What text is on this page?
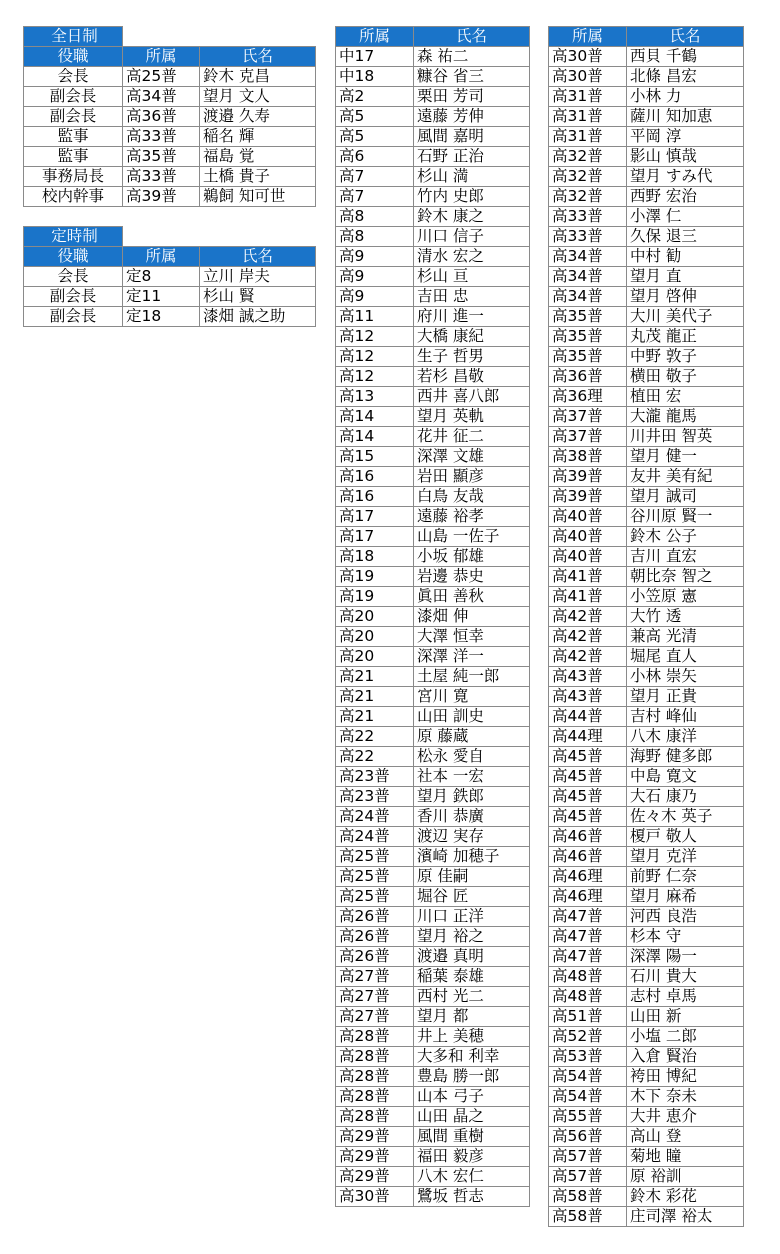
全日制		
役職	所属	氏名
会長	高25普	鈴木 克昌
副会長	高34普	望月 文人
副会長	高36普	渡邉 久寿
監事	高33普	稲名 輝
監事	高35普	福島 覚
事務局長	高33普	土橋 貴子
校内幹事	高39普	鵜飼 知可世
定時制		
役職	所属	氏名
会長	定8	立川 岸夫
副会長	定11	杉山 賢
副会長	定18	漆畑 誠之助
所属	氏名
中17	森 祐二
中18	糠谷 省三
高2	栗田 芳司
高5	遠藤 芳伸
高5	風間 嘉明
高6	石野 正治
高7	杉山 満
高7	竹内 史郎
高8	鈴木 康之
高8	川口 信子
高9	清水 宏之
高9	杉山 亘
高9	吉田 忠
高11	府川 進一
高12	大橋 康紀
高12	生子 哲男
高12	若杉 昌敬
高13	西井 喜八郎
高14	望月 英軌
高14	花井 征二
高15	深澤 文雄
高16	岩田 顯彦
高16	白鳥 友哉
高17	遠藤 裕孝
高17	山島 一佐子
高18	小坂 郁雄
高19	岩邊 恭史
高19	眞田 善秋
高20	漆畑 伸
高20	大澤 恒幸
高20	深澤 洋一
高21	土屋 純一郎
高21	宮川 寛
高21	山田 訓史
高22	原 藤蔵
高22	松永 愛自
高23普	社本 一宏
高23普	望月 鉄郎
高24普	香川 恭廣
高24普	渡辺 実存
高25普	濱崎 加穂子
高25普	原 佳嗣
高25普	堀谷 匠
高26普	川口 正洋
高26普	望月 裕之
高26普	渡邉 真明
高27普	稲葉 泰雄
高27普	西村 光二
高27普	望月 都
高28普	井上 美穂
高28普	大多和 利幸
高28普	豊島 勝一郎
高28普	山本 弓子
高28普	山田 晶之
高29普	風間 重樹
高29普	福田 毅彦
高29普	八木 宏仁
高30普	鷺坂 哲志
所属	氏名
高30普	西貝 千鶴
高30普	北條 昌宏
高31普	小林 力
高31普	薩川 知加恵
高31普	平岡 淳
高32普	影山 慎哉
高32普	望月 すみ代
高32普	西野 宏治
高33普	小澤 仁
高33普	久保 退三
高34普	中村 勧
高34普	望月 直
高34普	望月 啓伸
高35普	大川 美代子
高35普	丸茂 龍正
高35普	中野 敦子
高36普	横田 敬子
高36理	植田 宏
高37普	大瀧 龍馬
高37普	川井田 智英
高38普	望月 健一
高39普	友井 美有紀
高39普	望月 誠司
高40普	谷川原 賢一
高40普	鈴木 公子
高40普	吉川 直宏
高41普	朝比奈 智之
高41普	小笠原 憲
高42普	大竹 透
高42普	兼高 光清
高42普	堀尾 直人
高43普	小林 崇矢
高43普	望月 正貴
高44普	吉村 峰仙
高44理	八木 康洋
高45普	海野 健多郎
高45普	中島 寛文
高45普	大石 康乃
高45普	佐々木 英子
高46普	榎戸 敬人
高46普	望月 克洋
高46理	前野 仁奈
高46理	望月 麻希
高47普	河西 良浩
高47普	杉本 守
高47普	深澤 陽一
高48普	石川 貴大
高48普	志村 卓馬
高51普	山田 新
高52普	小塩 二郎
高53普	入倉 賢治
高54普	袴田 博紀
高54普	木下 奈未
高55普	大井 恵介
高56普	高山 登
高57普	菊地 瞳
高57普	原 裕訓
高58普	鈴木 彩花
高58普	庄司澤 裕太
